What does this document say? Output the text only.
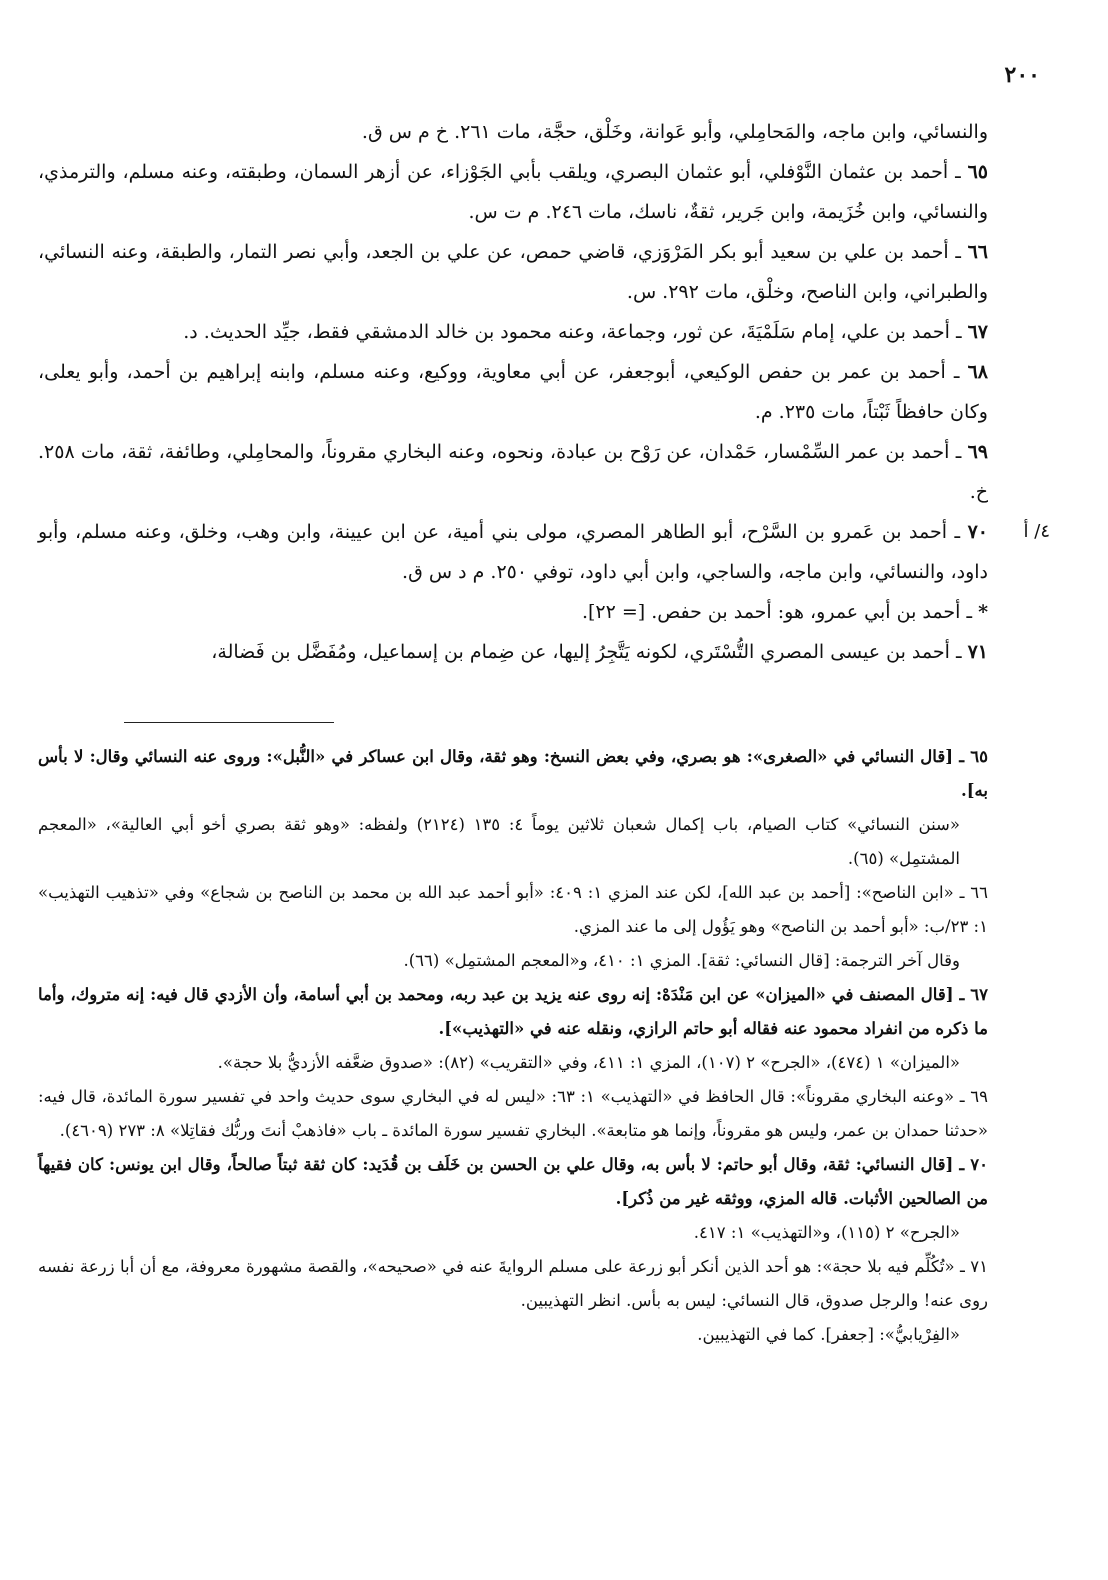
٢٠٠

والنسائي، وابن ماجه، والمَحامِلي، وأبو عَوانة، وخَلْق، حجَّة، مات ٢٦١. خ م س ق.

٦٥ ـ أحمد بن عثمان النَّوْفلي، أبو عثمان البصري، ويلقب بأبي الجَوْزاء، عن أزهر السمان، وطبقته، وعنه مسلم، والترمذي، والنسائي، وابن خُزَيمة، وابن جَرير، ثقةٌ، ناسك، مات ٢٤٦. م ت س.

٦٦ ـ أحمد بن علي بن سعيد أبو بكر المَرْوَزي، قاضي حمص، عن علي بن الجعد، وأبي نصر التمار، والطبقة، وعنه النسائي، والطبراني، وابن الناصح، وخلْق، مات ٢٩٢. س.

٦٧ ـ أحمد بن علي، إمام سَلَمْيَةَ، عن ثور، وجماعة، وعنه محمود بن خالد الدمشقي فقط، جيِّد الحديث. د.

٦٨ ـ أحمد بن عمر بن حفص الوكيعي، أبوجعفر، عن أبي معاوية، ووكيع، وعنه مسلم، وابنه إبراهيم بن أحمد، وأبو يعلى، وكان حافظاً ثَبْتاً، مات ٢٣٥. م.

٦٩ ـ أحمد بن عمر السِّمْسار، حَمْدان، عن رَوْح بن عبادة، ونحوه، وعنه البخاري مقروناً، والمحامِلي، وطائفة، ثقة، مات ٢٥٨. خ.

٤/ أ
٧٠ ـ أحمد بن عَمرو بن السَّرْح، أبو الطاهر المصري، مولى بني أمية، عن ابن عيينة، وابن وهب، وخلق، وعنه مسلم، وأبو داود، والنسائي، وابن ماجه، والساجي، وابن أبي داود، توفي ٢٥٠. م د س ق.

* ـ أحمد بن أبي عمرو، هو: أحمد بن حفص. [= ٢٢].

٧١ ـ أحمد بن عيسى المصري التُّسْتَري، لكونه يَتَّجِرُ إليها، عن ضِمام بن إسماعيل، ومُفَضَّل بن فَضالة،

٦٥ ـ [قال النسائي في «الصغرى»: هو بصري، وفي بعض النسخ: وهو ثقة، وقال ابن عساكر في «النُّبل»: وروى عنه النسائي وقال: لا بأس به].

«سنن النسائي» كتاب الصيام، باب إكمال شعبان ثلاثين يوماً ٤: ١٣٥ (٢١٢٤) ولفظه: «وهو ثقة بصري أخو أبي العالية»، «المعجم المشتمِل» (٦٥).

٦٦ ـ «ابن الناصح»: [أحمد بن عبد الله]، لكن عند المزي ١: ٤٠٩: «أبو أحمد عبد الله بن محمد بن الناصح بن شجاع» وفي «تذهيب التهذيب» ١: ٢٣/ب: «أبو أحمد بن الناصح» وهو يَؤُول إلى ما عند المزي.

وقال آخر الترجمة: [قال النسائي: ثقة]. المزي ١: ٤١٠، و«المعجم المشتمِل» (٦٦).

٦٧ ـ [قال المصنف في «الميزان» عن ابن مَنْدَهْ: إنه روى عنه يزيد بن عبد ربه، ومحمد بن أبي أسامة، وأن الأزدي قال فيه: إنه متروك، وأما ما ذكره من انفراد محمود عنه فقاله أبو حاتم الرازي، ونقله عنه في «التهذيب»].

«الميزان» ١ (٤٧٤)، «الجرح» ٢ (١٠٧)، المزي ١: ٤١١، وفي «التقريب» (٨٢): «صدوق ضعَّفه الأزديُّ بلا حجة».

٦٩ ـ «وعنه البخاري مقروناً»: قال الحافظ في «التهذيب» ١: ٦٣: «ليس له في البخاري سوى حديث واحد في تفسير سورة المائدة، قال فيه: «حدثنا حمدان بن عمر، وليس هو مقروناً، وإنما هو متابعة». البخاري تفسير سورة المائدة ـ باب «فاذهبْ أنتَ وربُّك فقاتِلا» ٨: ٢٧٣ (٤٦٠٩).

٧٠ ـ [قال النسائي: ثقة، وقال أبو حاتم: لا بأس به، وقال علي بن الحسن بن خَلَف بن قُدَيد: كان ثقة ثبتاً صالحاً، وقال ابن يونس: كان فقيهاً من الصالحين الأثبات. قاله المزي، ووثقه غير من ذُكر].

«الجرح» ٢ (١١٥)، و«التهذيب» ١: ٤١٧.

٧١ ـ «تُكُلِّم فيه بلا حجة»: هو أحد الذين أنكر أبو زرعة على مسلم الروايةَ عنه في «صحيحه»، والقصة مشهورة معروفة، مع أن أبا زرعة نفسه روى عنه! والرجل صدوق، قال النسائي: ليس به بأس. انظر التهذيبين.

«الفِرْيابيُّ»: [جعفر]. كما في التهذيبين.
